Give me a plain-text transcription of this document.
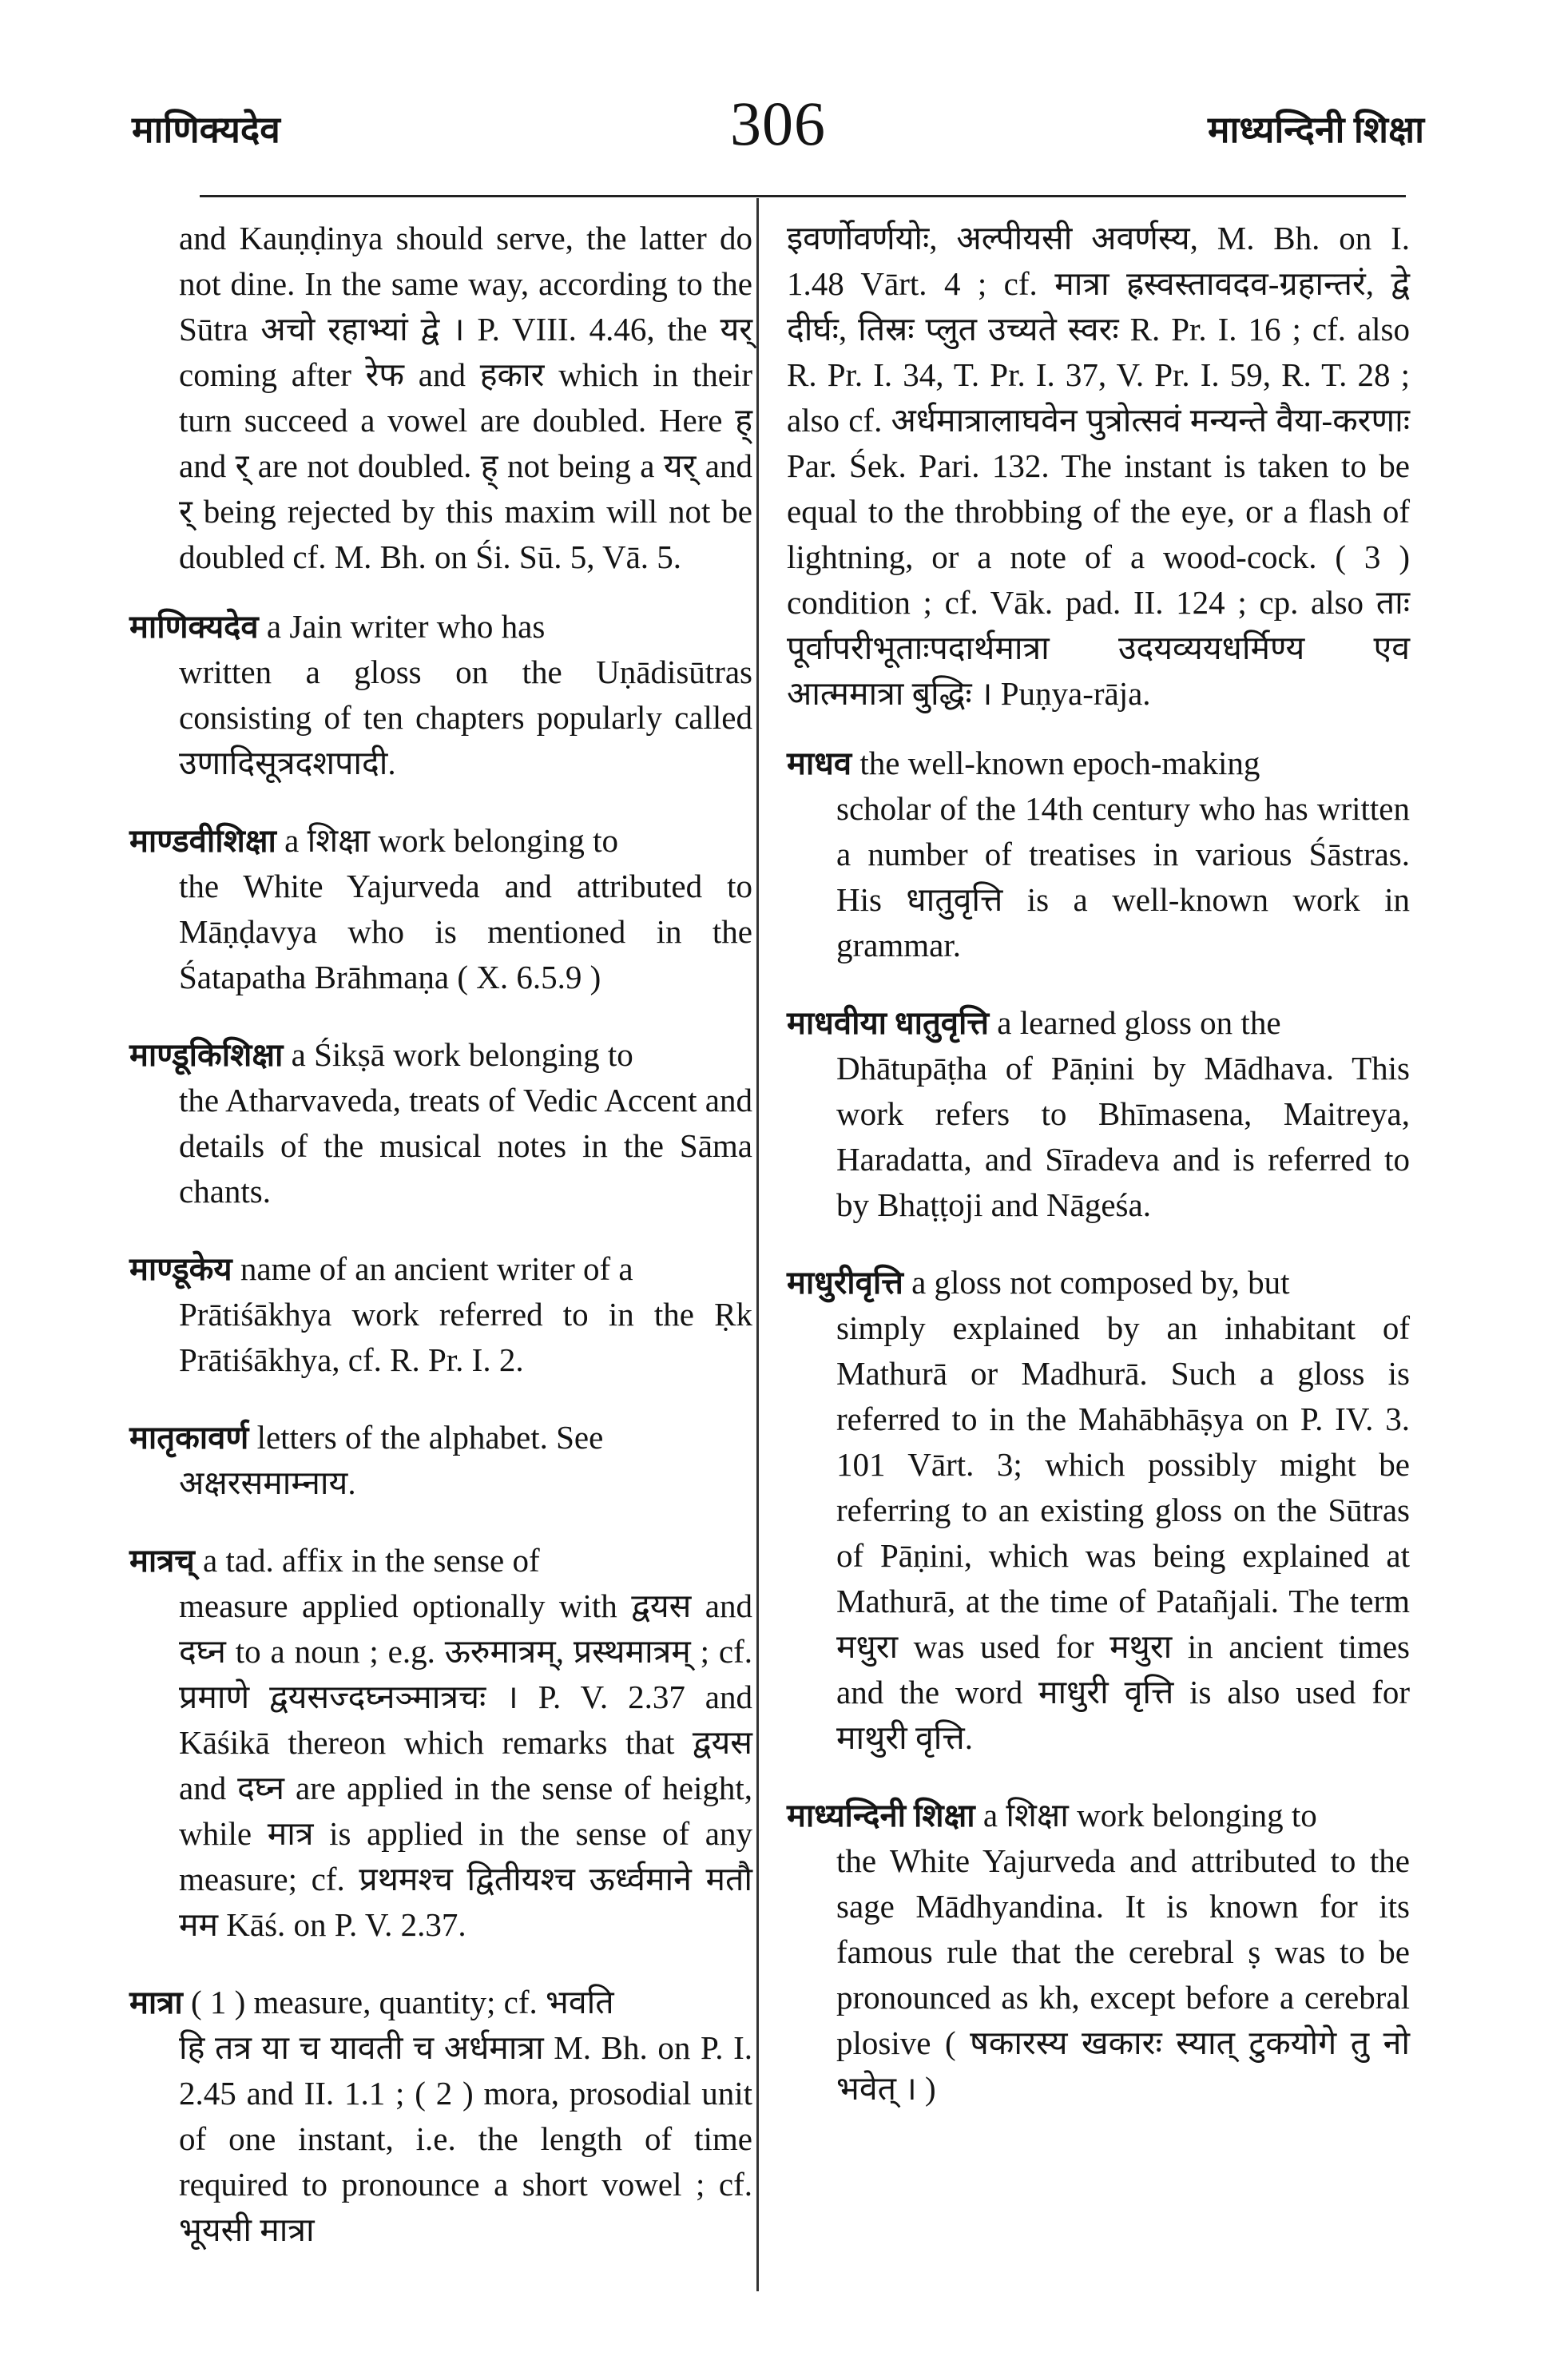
माणिक्यदेव	306	माध्यन्दिनी शिक्षा

and Kauṇḍinya should serve, the latter do not dine. In the same way, according to the Sūtra अचो रहाभ्यां द्वे । P. VIII. 4.46, the यर् coming after रेफ and हकार which in their turn succeed a vowel are doubled. Here ह् and र् are not doubled. ह् not being a यर् and र् being rejected by this maxim will not be doubled cf. M. Bh. on Śi. Sū. 5, Vā. 5.

माणिक्यदेव a Jain writer who has
written a gloss on the Uṇādisūtras consisting of ten chapters popularly called उणादिसूत्रदशपादी.
माण्डवीशिक्षा a शिक्षा work belonging to
the White Yajurveda and attributed to Māṇḍavya who is mentioned in the Śatapatha Brāhmaṇa ( X. 6.5.9 )
माण्डूकिशिक्षा a Śikṣā work belonging to
the Atharvaveda, treats of Vedic Accent and details of the musical notes in the Sāma chants.
माण्डूकेय name of an ancient writer of a
Prātiśākhya work referred to in the Ṛk Prātiśākhya, cf. R. Pr. I. 2.
मातृकावर्ण letters of the alphabet. See
अक्षरसमाम्नाय.
मात्रच् a tad. affix in the sense of
measure applied optionally with द्वयस and दघ्न to a noun ; e.g. ऊरुमात्रम्, प्रस्थमात्रम् ; cf. प्रमाणे द्वयसज्दघ्नञ्मात्रचः । P. V. 2.37 and Kāśikā thereon which remarks that द्वयस and दघ्न are applied in the sense of height, while मात्र is applied in the sense of any measure; cf. प्रथमश्च द्वितीयश्च ऊर्ध्वमाने मतौ मम Kāś. on P. V. 2.37.
मात्रा ( 1 ) measure, quantity; cf. भवति
हि तत्र या च यावती च अर्धमात्रा M. Bh. on P. I. 2.45 and II. 1.1 ; ( 2 ) mora, prosodial unit of one instant, i.e. the length of time required to pronounce a short vowel ; cf. भूयसी मात्रा

इवर्णोवर्णयोः, अल्पीयसी अवर्णस्य, M. Bh. on I. 1.48 Vārt. 4 ; cf. मात्रा ह्रस्वस्तावदव-ग्रहान्तरं, द्वे दीर्घः, तिस्रः प्लुत उच्यते स्वरः R. Pr. I. 16 ; cf. also R. Pr. I. 34, T. Pr. I. 37, V. Pr. I. 59, R. T. 28 ; also cf. अर्धमात्रालाघवेन पुत्रोत्सवं मन्यन्ते वैया-करणाः Par. Śek. Pari. 132. The instant is taken to be equal to the throbbing of the eye, or a flash of lightning, or a note of a wood-cock. ( 3 ) condition ; cf. Vāk. pad. II. 124 ; cp. also ताः पूर्वापरीभूताःपदार्थमात्रा उदयव्ययधर्मिण्य एव आत्ममात्रा बुद्धिः । Puṇya-rāja.

माधव the well-known epoch-making
scholar of the 14th century who has written a number of treatises in various Śāstras. His धातुवृत्ति is a well-known work in grammar.
माधवीया धातुवृत्ति a learned gloss on the
Dhātupāṭha of Pāṇini by Mādhava. This work refers to Bhīmasena, Maitreya, Haradatta, and Sīradeva and is referred to by Bhaṭṭoji and Nāgeśa.
माधुरीवृत्ति a gloss not composed by, but
simply explained by an inhabitant of Mathurā or Madhurā. Such a gloss is referred to in the Mahābhāṣya on P. IV. 3. 101 Vārt. 3; which possibly might be referring to an existing gloss on the Sūtras of Pāṇini, which was being explained at Mathurā, at the time of Patañjali. The term मधुरा was used for मथुरा in ancient times and the word माधुरी वृत्ति is also used for माथुरी वृत्ति.
माध्यन्दिनी शिक्षा a शिक्षा work belonging to
the White Yajurveda and attributed to the sage Mādhyandina. It is known for its famous rule that the cerebral ṣ was to be pronounced as kh, except before a cerebral plosive ( षकारस्य खकारः स्यात् टुकयोगे तु नो भवेत् । )
